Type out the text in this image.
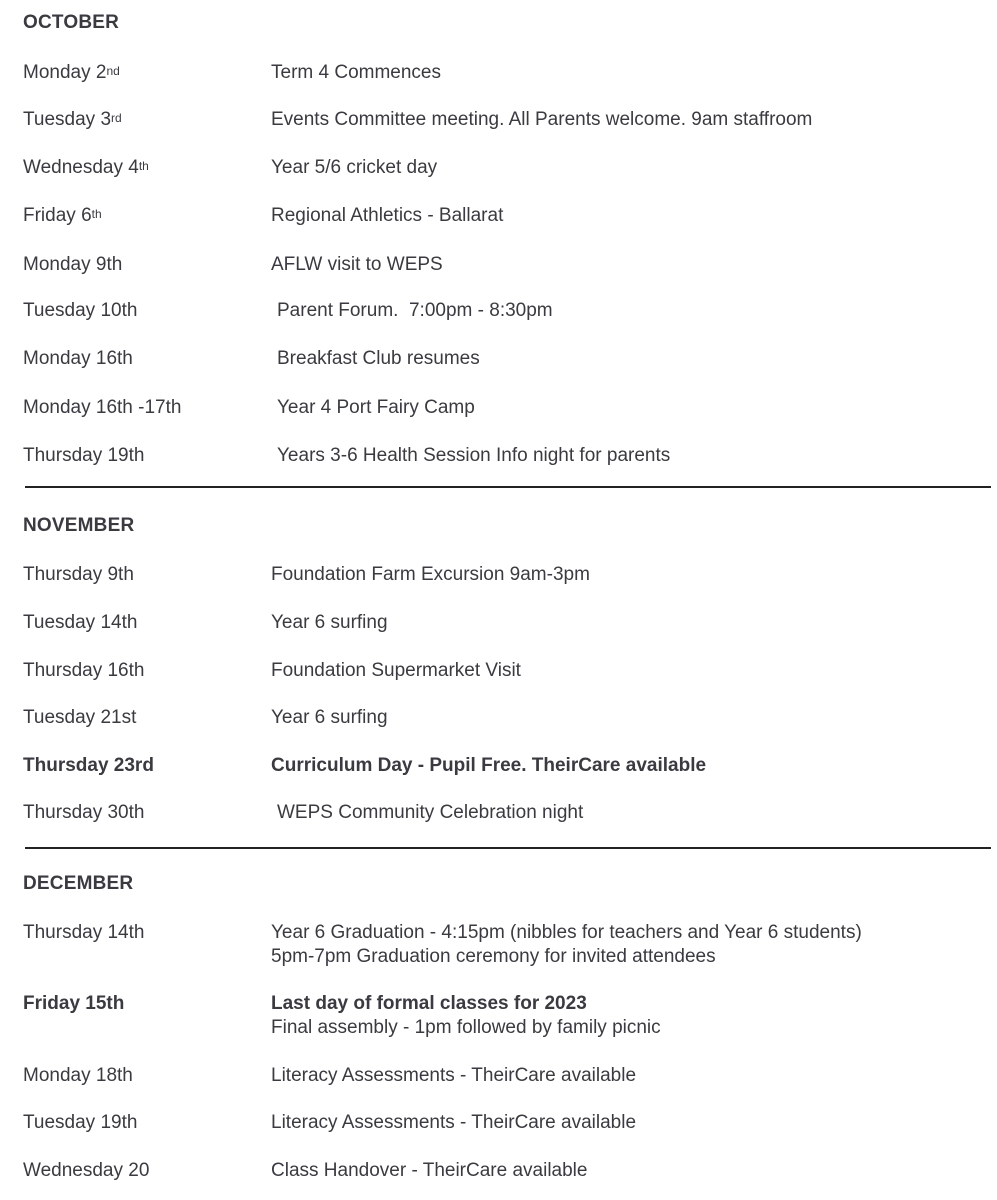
OCTOBER
Monday 2nd	Term 4 Commences
Tuesday 3rd	Events Committee meeting. All Parents welcome. 9am staffroom
Wednesday 4th	Year 5/6 cricket day
Friday 6th	Regional Athletics - Ballarat
Monday 9th	AFLW visit to WEPS
Tuesday 10th	Parent Forum.  7:00pm - 8:30pm
Monday 16th	Breakfast Club resumes
Monday 16th -17th	Year 4 Port Fairy Camp
Thursday 19th	Years 3-6 Health Session Info night for parents
NOVEMBER
Thursday 9th	Foundation Farm Excursion 9am-3pm
Tuesday 14th	Year 6 surfing
Thursday 16th	Foundation Supermarket Visit
Tuesday 21st	Year 6 surfing
Thursday 23rd	Curriculum Day - Pupil Free. TheirCare available
Thursday 30th	WEPS Community Celebration night
DECEMBER
Thursday 14th	Year 6 Graduation - 4:15pm (nibbles for teachers and Year 6 students)
5pm-7pm Graduation ceremony for invited attendees
Friday 15th	Last day of formal classes for 2023
Final assembly - 1pm followed by family picnic
Monday 18th	Literacy Assessments - TheirCare available
Tuesday 19th	Literacy Assessments - TheirCare available
Wednesday 20	Class Handover - TheirCare available
